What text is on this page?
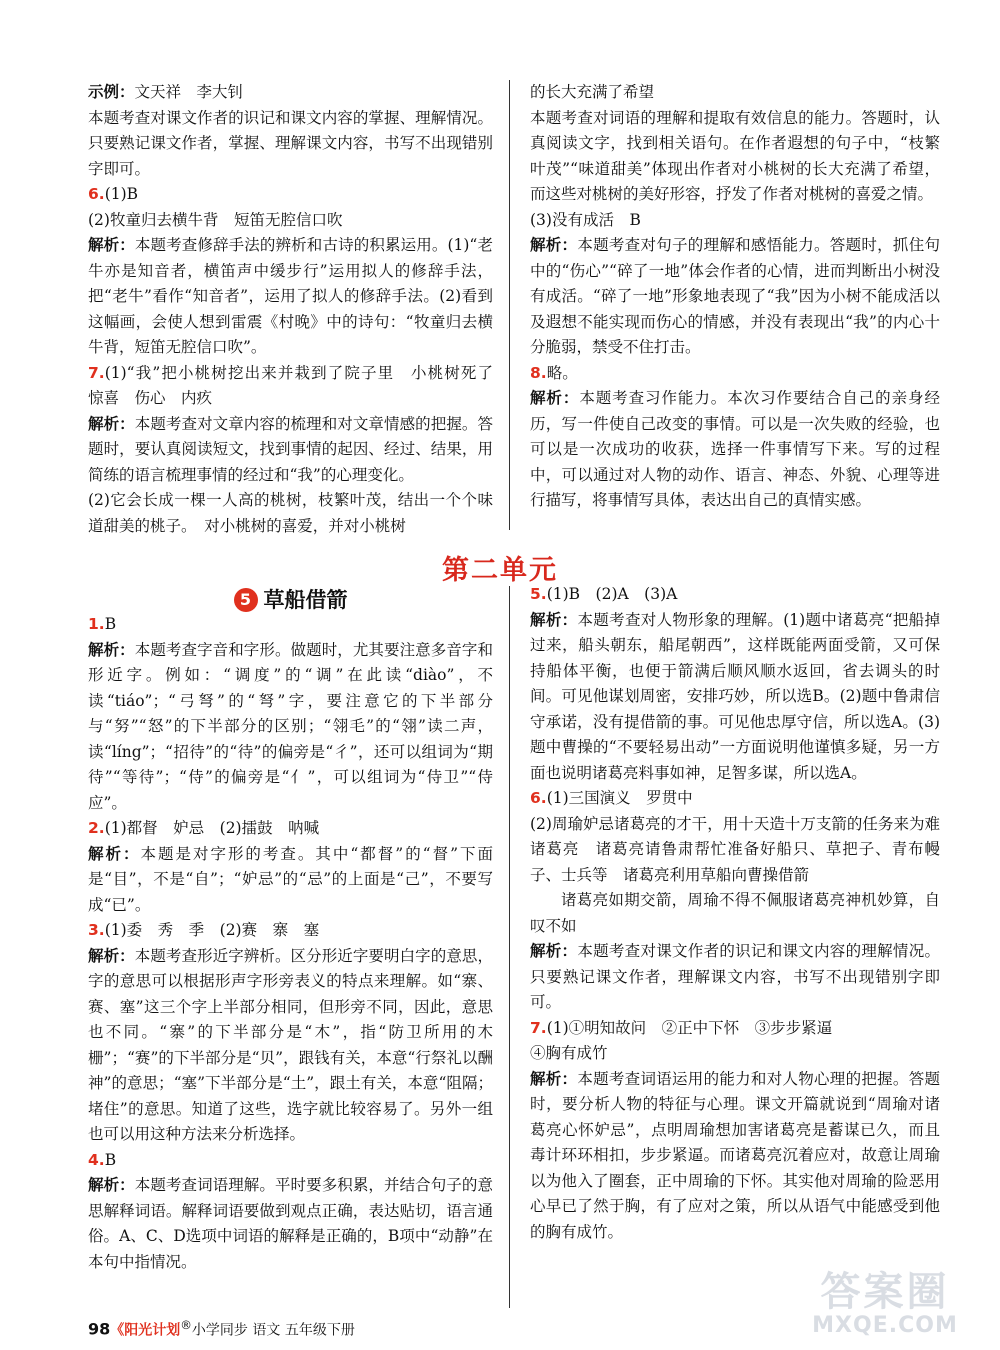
示例：文天祥　李大钊

本题考查对课文作者的识记和课文内容的掌握、理解情况。只要熟记课文作者，掌握、理解课文内容，书写不出现错别字即可。

6.(1)B

(2)牧童归去横牛背　短笛无腔信口吹

解析：本题考查修辞手法的辨析和古诗的积累运用。(1)“老牛亦是知音者，横笛声中缓步行”运用拟人的修辞手法，把“老牛”看作“知音者”，运用了拟人的修辞手法。(2)看到这幅画，会使人想到雷震《村晚》中的诗句：“牧童归去横牛背，短笛无腔信口吹”。

7.(1)“我”把小桃树挖出来并栽到了院子里　小桃树死了　惊喜　伤心　内疚

解析：本题考查对文章内容的梳理和对文章情感的把握。答题时，要认真阅读短文，找到事情的起因、经过、结果，用简练的语言梳理事情的经过和“我”的心理变化。

(2)它会长成一棵一人高的桃树，枝繁叶茂，结出一个个味道甜美的桃子。　对小桃树的喜爱，并对小桃树

的长大充满了希望

本题考查对词语的理解和提取有效信息的能力。答题时，认真阅读文字，找到相关语句。在作者遐想的句子中，“枝繁叶茂”“味道甜美”体现出作者对小桃树的长大充满了希望，而这些对桃树的美好形容，抒发了作者对桃树的喜爱之情。

(3)没有成活　B

解析：本题考查对句子的理解和感悟能力。答题时，抓住句中的“伤心”“碎了一地”体会作者的心情，进而判断出小树没有成活。“碎了一地”形象地表现了“我”因为小树不能成活以及遐想不能实现而伤心的情感，并没有表现出“我”的内心十分脆弱，禁受不住打击。

8.略。

解析：本题考查习作能力。本次习作要结合自己的亲身经历，写一件使自己改变的事情。可以是一次失败的经验，也可以是一次成功的收获，选择一件事情写下来。写的过程中，可以通过对人物的动作、语言、神态、外貌、心理等进行描写，将事情写具体，表达出自己的真情实感。

第二单元
5 草船借箭

1.B

解析：本题考查字音和字形。做题时，尤其要注意多音字和形近字。例如：“调度”的“调”在此读“diào”，不读“tiáo”；“弓弩”的“弩”字，要注意它的下半部分与“努”“怒”的下半部分的区别；“翎毛”的“翎”读二声，读“líng”；“招待”的“待”的偏旁是“彳”，还可以组词为“期待”“等待”；“侍”的偏旁是“亻”，可以组词为“侍卫”“侍应”。

2.(1)都督　妒忌　(2)擂鼓　呐喊

解析：本题是对字形的考查。其中“都督”的“督”下面是“目”，不是“自”；“妒忌”的“忌”的上面是“己”，不要写成“已”。

3.(1)委　秀　季　(2)赛　寨　塞

解析：本题考查形近字辨析。区分形近字要明白字的意思，字的意思可以根据形声字形旁表义的特点来理解。如“寨、赛、塞”这三个字上半部分相同，但形旁不同，因此，意思也不同。“寨”的下半部分是“木”，指“防卫所用的木栅”；“赛”的下半部分是“贝”，跟钱有关，本意“行祭礼以酬神”的意思；“塞”下半部分是“土”，跟土有关，本意“阻隔；堵住”的意思。知道了这些，选字就比较容易了。另外一组也可以用这种方法来分析选择。

4.B

解析：本题考查词语理解。平时要多积累，并结合句子的意思解释词语。解释词语要做到观点正确，表达贴切，语言通俗。A、C、D选项中词语的解释是正确的，B项中“动静”在本句中指情况。

5.(1)B　(2)A　(3)A

解析：本题考查对人物形象的理解。(1)题中诸葛亮“把船掉过来，船头朝东，船尾朝西”，这样既能两面受箭，又可保持船体平衡，也便于箭满后顺风顺水返回，省去调头的时间。可见他谋划周密，安排巧妙，所以选B。(2)题中鲁肃信守承诺，没有提借箭的事。可见他忠厚守信，所以选A。(3)题中曹操的“不要轻易出动”一方面说明他谨慎多疑，另一方面也说明诸葛亮料事如神，足智多谋，所以选A。

6.(1)三国演义　罗贯中

(2)周瑜妒忌诸葛亮的才干，用十天造十万支箭的任务来为难诸葛亮　诸葛亮请鲁肃帮忙准备好船只、草把子、青布幔子、士兵等　诸葛亮利用草船向曹操借箭

诸葛亮如期交箭，周瑜不得不佩服诸葛亮神机妙算，自叹不如

解析：本题考查对课文作者的识记和课文内容的理解情况。只要熟记课文作者，理解课文内容，书写不出现错别字即可。

7.(1)①明知故问　②正中下怀　③步步紧逼

④胸有成竹

解析：本题考查词语运用的能力和对人物心理的把握。答题时，要分析人物的特征与心理。课文开篇就说到“周瑜对诸葛亮心怀妒忌”，点明周瑜想加害诸葛亮是蓄谋已久，而且毒计环环相扣，步步紧逼。而诸葛亮沉着应对，故意让周瑜以为他入了圈套，正中周瑜的下怀。其实他对周瑜的险恶用心早已了然于胸，有了应对之策，所以从语气中能感受到他的胸有成竹。

98《阳光计划®小学同步 语文 五年级下册
答案圈
MXQE.COM
